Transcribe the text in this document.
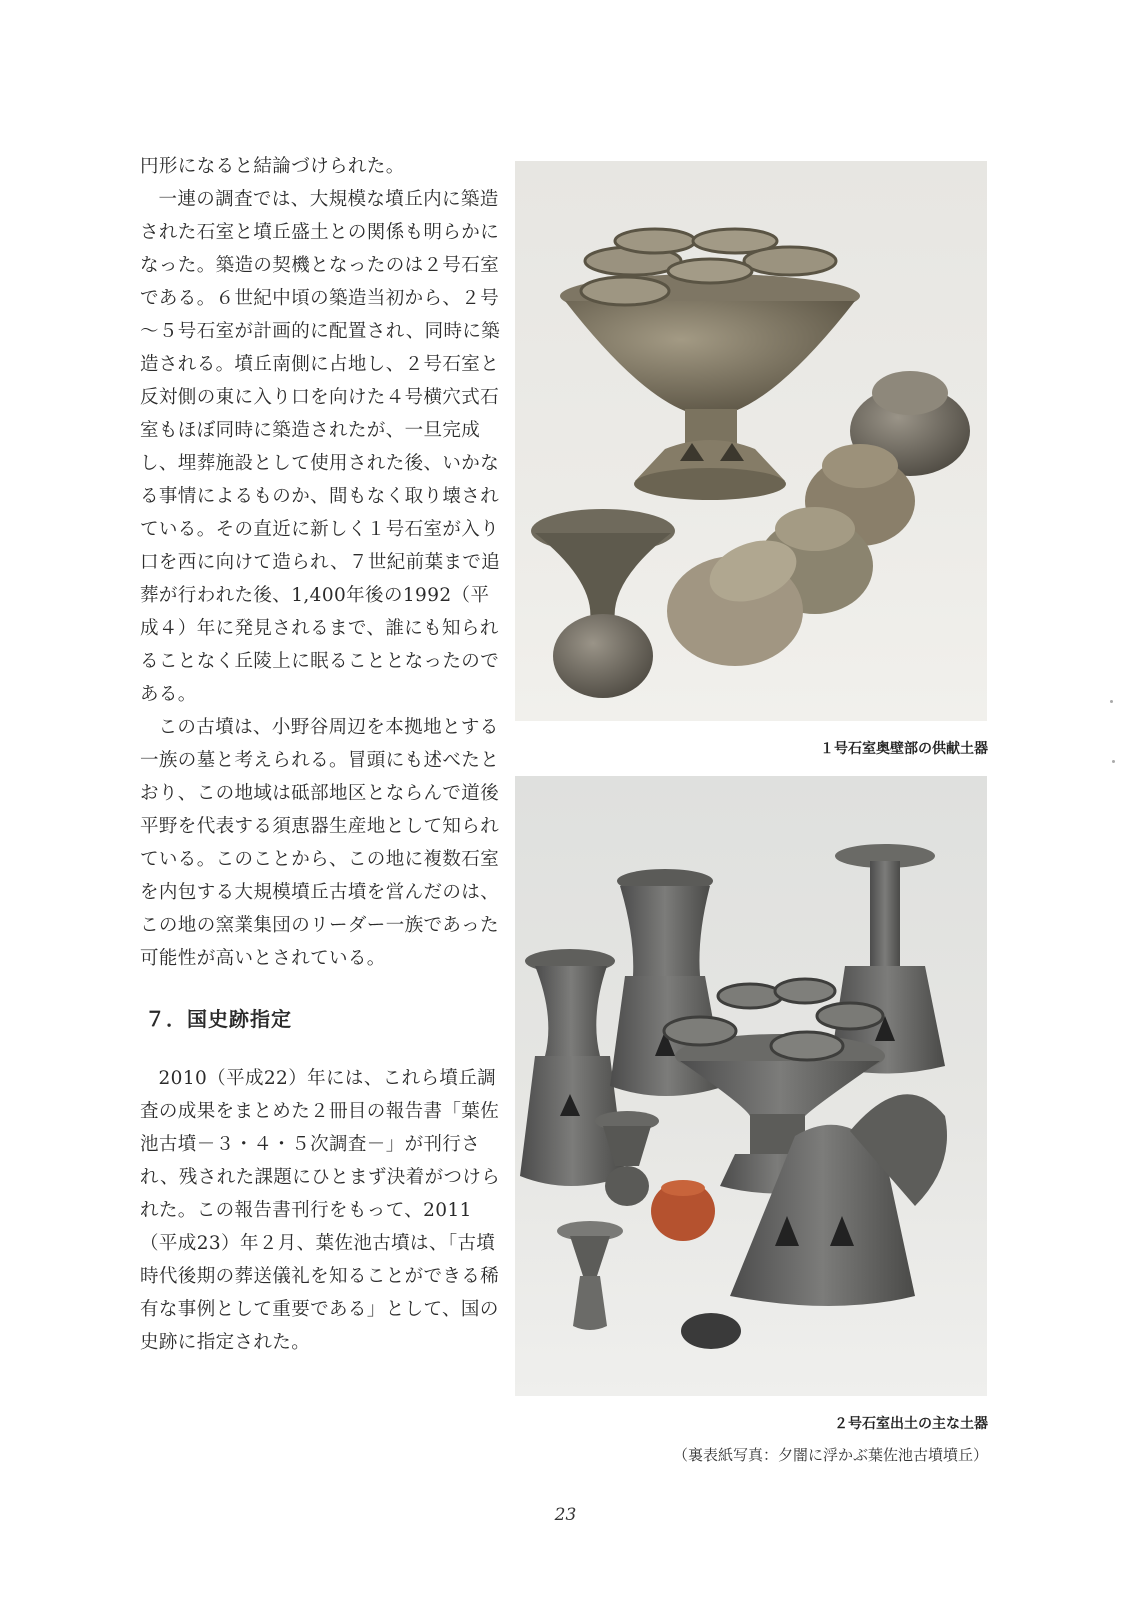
円形になると結論づけられた。

一連の調査では、大規模な墳丘内に築造された石室と墳丘盛土との関係も明らかになった。築造の契機となったのは２号石室である。６世紀中頃の築造当初から、２号～５号石室が計画的に配置され、同時に築造される。墳丘南側に占地し、２号石室と反対側の東に入り口を向けた４号横穴式石室もほぼ同時に築造されたが、一旦完成し、埋葬施設として使用された後、いかなる事情によるものか、間もなく取り壊されている。その直近に新しく１号石室が入り口を西に向けて造られ、７世紀前葉まで追葬が行われた後、1,400年後の1992（平成４）年に発見されるまで、誰にも知られることなく丘陵上に眠ることとなったのである。

この古墳は、小野谷周辺を本拠地とする一族の墓と考えられる。冒頭にも述べたとおり、この地域は砥部地区とならんで道後平野を代表する須恵器生産地として知られている。このことから、この地に複数石室を内包する大規模墳丘古墳を営んだのは、この地の窯業集団のリーダー一族であった可能性が高いとされている。

７．国史跡指定

2010（平成22）年には、これら墳丘調査の成果をまとめた２冊目の報告書「葉佐池古墳－３・４・５次調査－」が刊行され、残された課題にひとまず決着がつけられた。この報告書刊行をもって、2011（平成23）年２月、葉佐池古墳は、「古墳時代後期の葬送儀礼を知ることができる稀有な事例として重要である」として、国の史跡に指定された。

１号石室奥壁部の供献土器
２号石室出土の主な土器
（裏表紙写真：夕闇に浮かぶ葉佐池古墳墳丘）
23
